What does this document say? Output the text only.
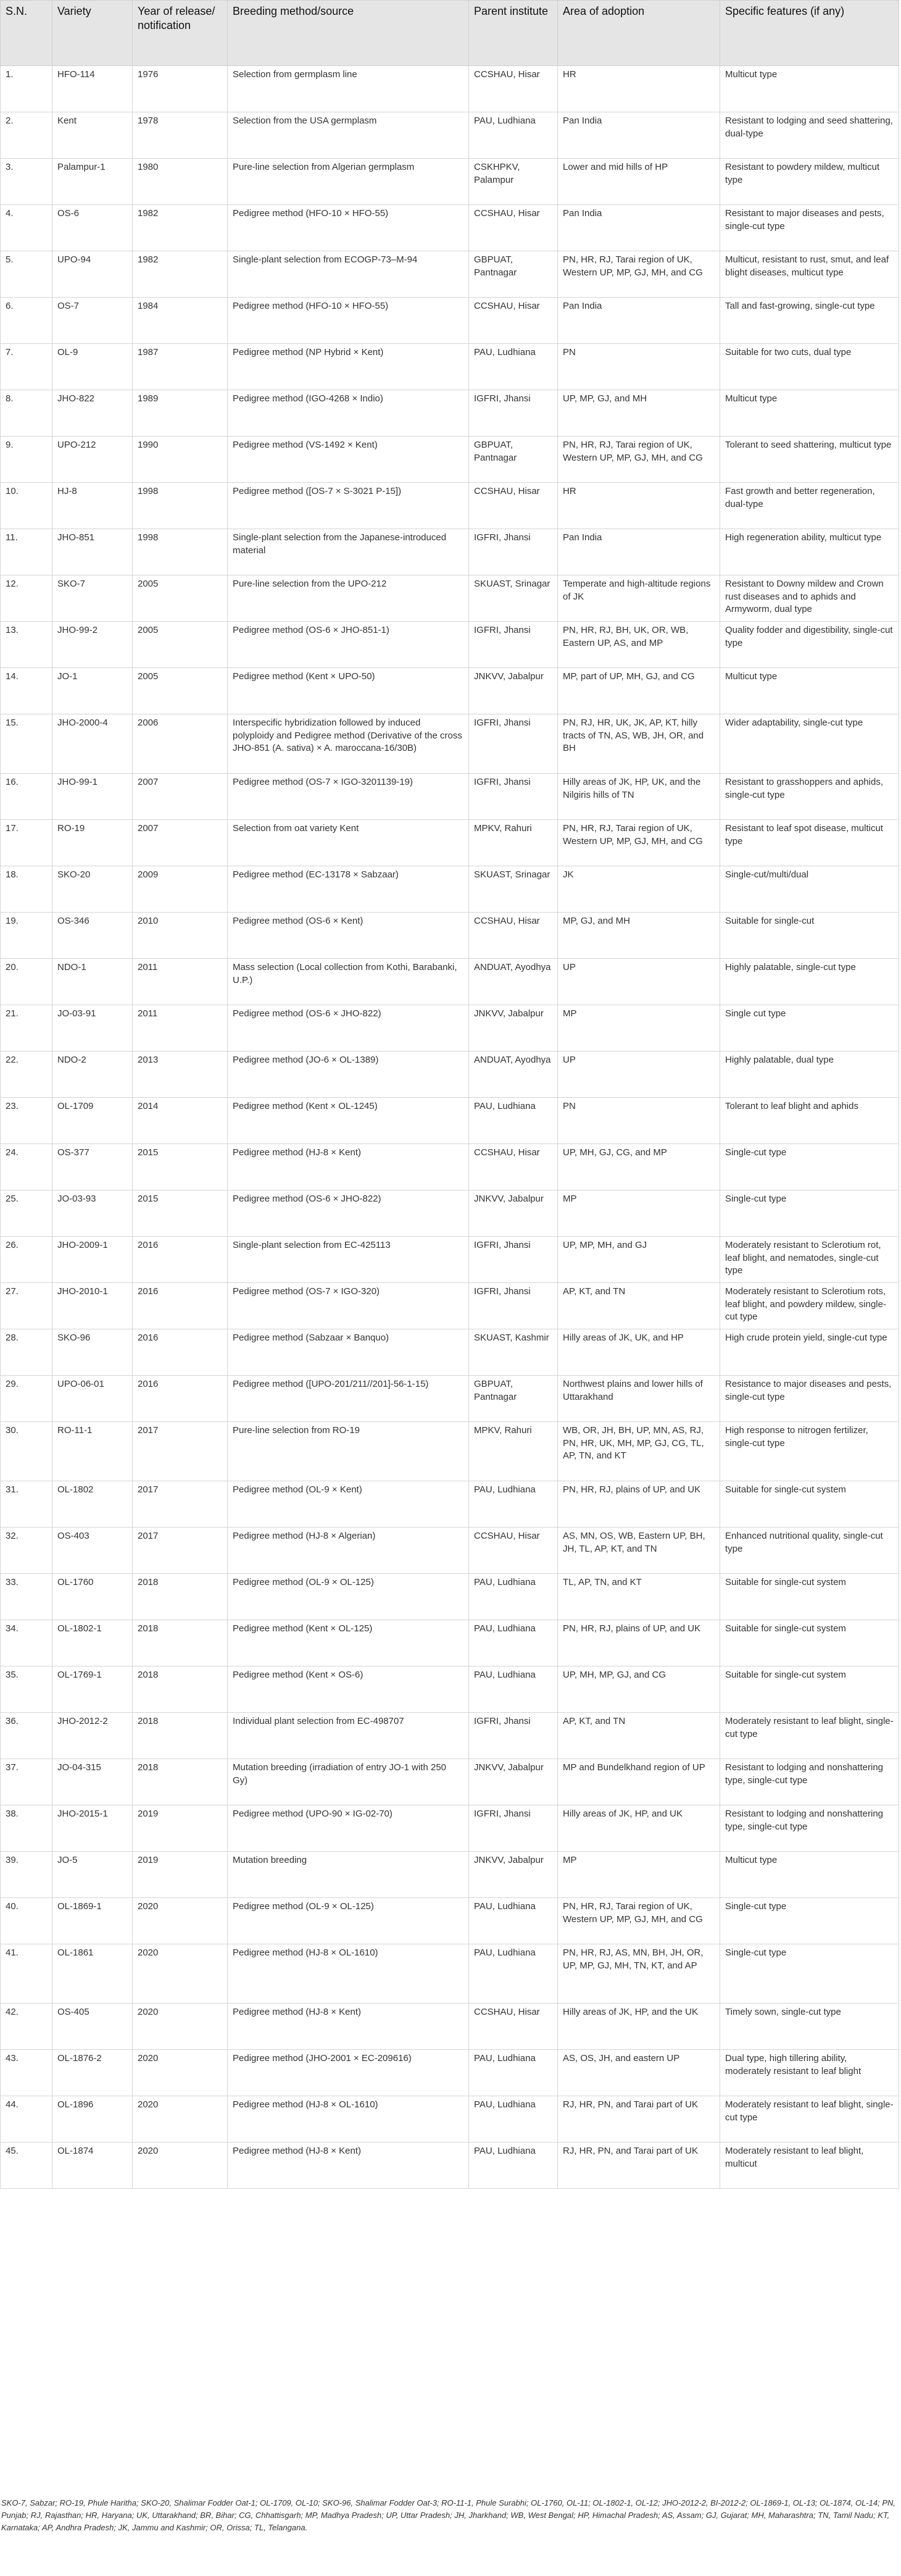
S.N.	Variety	Year of release/ notification	Breeding method/source	Parent institute	Area of adoption	Specific features (if any)
1.	HFO-114	1976	Selection from germplasm line	CCSHAU, Hisar	HR	Multicut type
2.	Kent	1978	Selection from the USA germplasm	PAU, Ludhiana	Pan India	Resistant to lodging and seed shattering, dual-type
3.	Palampur-1	1980	Pure-line selection from Algerian germplasm	CSKHPKV, Palampur	Lower and mid hills of HP	Resistant to powdery mildew, multicut type
4.	OS-6	1982	Pedigree method (HFO-10 × HFO-55)	CCSHAU, Hisar	Pan India	Resistant to major diseases and pests, single-cut type
5.	UPO-94	1982	Single-plant selection from ECOGP-73–M-94	GBPUAT, Pantnagar	PN, HR, RJ, Tarai region of UK, Western UP, MP, GJ, MH, and CG	Multicut, resistant to rust, smut, and leaf blight diseases, multicut type
6.	OS-7	1984	Pedigree method (HFO-10 × HFO-55)	CCSHAU, Hisar	Pan India	Tall and fast-growing, single-cut type
7.	OL-9	1987	Pedigree method (NP Hybrid × Kent)	PAU, Ludhiana	PN	Suitable for two cuts, dual type
8.	JHO-822	1989	Pedigree method (IGO-4268 × Indio)	IGFRI, Jhansi	UP, MP, GJ, and MH	Multicut type
9.	UPO-212	1990	Pedigree method (VS-1492 × Kent)	GBPUAT, Pantnagar	PN, HR, RJ, Tarai region of UK, Western UP, MP, GJ, MH, and CG	Tolerant to seed shattering, multicut type
10.	HJ-8	1998	Pedigree method ([OS-7 × S-3021 P-15])	CCSHAU, Hisar	HR	Fast growth and better regeneration, dual-type
11.	JHO-851	1998	Single-plant selection from the Japanese-introduced material	IGFRI, Jhansi	Pan India	High regeneration ability, multicut type
12.	SKO-7	2005	Pure-line selection from the UPO-212	SKUAST, Srinagar	Temperate and high-altitude regions of JK	Resistant to Downy mildew and Crown rust diseases and to aphids and Armyworm, dual type
13.	JHO-99-2	2005	Pedigree method (OS-6 × JHO-851-1)	IGFRI, Jhansi	PN, HR, RJ, BH, UK, OR, WB, Eastern UP, AS, and MP	Quality fodder and digestibility, single-cut type
14.	JO-1	2005	Pedigree method (Kent × UPO-50)	JNKVV, Jabalpur	MP, part of UP, MH, GJ, and CG	Multicut type
15.	JHO-2000-4	2006	Interspecific hybridization followed by induced polyploidy and Pedigree method (Derivative of the cross JHO-851 (A. sativa) × A. maroccana-16/30B)	IGFRI, Jhansi	PN, RJ, HR, UK, JK, AP, KT, hilly tracts of TN, AS, WB, JH, OR, and BH	Wider adaptability, single-cut type
16.	JHO-99-1	2007	Pedigree method (OS-7 × IGO-3201139-19)	IGFRI, Jhansi	Hilly areas of JK, HP, UK, and the Nilgiris hills of TN	Resistant to grasshoppers and aphids, single-cut type
17.	RO-19	2007	Selection from oat variety Kent	MPKV, Rahuri	PN, HR, RJ, Tarai region of UK, Western UP, MP, GJ, MH, and CG	Resistant to leaf spot disease, multicut type
18.	SKO-20	2009	Pedigree method (EC-13178 × Sabzaar)	SKUAST, Srinagar	JK	Single-cut/multi/dual
19.	OS-346	2010	Pedigree method (OS-6 × Kent)	CCSHAU, Hisar	MP, GJ, and MH	Suitable for single-cut
20.	NDO-1	2011	Mass selection (Local collection from Kothi, Barabanki, U.P.)	ANDUAT, Ayodhya	UP	Highly palatable, single-cut type
21.	JO-03-91	2011	Pedigree method (OS-6 × JHO-822)	JNKVV, Jabalpur	MP	Single cut type
22.	NDO-2	2013	Pedigree method (JO-6 × OL-1389)	ANDUAT, Ayodhya	UP	Highly palatable, dual type
23.	OL-1709	2014	Pedigree method (Kent × OL-1245)	PAU, Ludhiana	PN	Tolerant to leaf blight and aphids
24.	OS-377	2015	Pedigree method (HJ-8 × Kent)	CCSHAU, Hisar	UP, MH, GJ, CG, and MP	Single-cut type
25.	JO-03-93	2015	Pedigree method (OS-6 × JHO-822)	JNKVV, Jabalpur	MP	Single-cut type
26.	JHO-2009-1	2016	Single-plant selection from EC-425113	IGFRI, Jhansi	UP, MP, MH, and GJ	Moderately resistant to Sclerotium rot, leaf blight, and nematodes, single-cut type
27.	JHO-2010-1	2016	Pedigree method (OS-7 × IGO-320)	IGFRI, Jhansi	AP, KT, and TN	Moderately resistant to Sclerotium rots, leaf blight, and powdery mildew, single-cut type
28.	SKO-96	2016	Pedigree method (Sabzaar × Banquo)	SKUAST, Kashmir	Hilly areas of JK, UK, and HP	High crude protein yield, single-cut type
29.	UPO-06-01	2016	Pedigree method ([UPO-201/211//201]-56-1-15)	GBPUAT, Pantnagar	Northwest plains and lower hills of Uttarakhand	Resistance to major diseases and pests, single-cut type
30.	RO-11-1	2017	Pure-line selection from RO-19	MPKV, Rahuri	WB, OR, JH, BH, UP, MN, AS, RJ, PN, HR, UK, MH, MP, GJ, CG, TL, AP, TN, and KT	High response to nitrogen fertilizer, single-cut type
31.	OL-1802	2017	Pedigree method (OL-9 × Kent)	PAU, Ludhiana	PN, HR, RJ, plains of UP, and UK	Suitable for single-cut system
32.	OS-403	2017	Pedigree method (HJ-8 × Algerian)	CCSHAU, Hisar	AS, MN, OS, WB, Eastern UP, BH, JH, TL, AP, KT, and TN	Enhanced nutritional quality, single-cut type
33.	OL-1760	2018	Pedigree method (OL-9 × OL-125)	PAU, Ludhiana	TL, AP, TN, and KT	Suitable for single-cut system
34.	OL-1802-1	2018	Pedigree method (Kent × OL-125)	PAU, Ludhiana	PN, HR, RJ, plains of UP, and UK	Suitable for single-cut system
35.	OL-1769-1	2018	Pedigree method (Kent × OS-6)	PAU, Ludhiana	UP, MH, MP, GJ, and CG	Suitable for single-cut system
36.	JHO-2012-2	2018	Individual plant selection from EC-498707	IGFRI, Jhansi	AP, KT, and TN	Moderately resistant to leaf blight, single-cut type
37.	JO-04-315	2018	Mutation breeding (irradiation of entry JO-1 with 250 Gy)	JNKVV, Jabalpur	MP and Bundelkhand region of UP	Resistant to lodging and nonshattering type, single-cut type
38.	JHO-2015-1	2019	Pedigree method (UPO-90 × IG-02-70)	IGFRI, Jhansi	Hilly areas of JK, HP, and UK	Resistant to lodging and nonshattering type, single-cut type
39.	JO-5	2019	Mutation breeding	JNKVV, Jabalpur	MP	Multicut type
40.	OL-1869-1	2020	Pedigree method (OL-9 × OL-125)	PAU, Ludhiana	PN, HR, RJ, Tarai region of UK, Western UP, MP, GJ, MH, and CG	Single-cut type
41.	OL-1861	2020	Pedigree method (HJ-8 × OL-1610)	PAU, Ludhiana	PN, HR, RJ, AS, MN, BH, JH, OR, UP, MP, GJ, MH, TN, KT, and AP	Single-cut type
42.	OS-405	2020	Pedigree method (HJ-8 × Kent)	CCSHAU, Hisar	Hilly areas of JK, HP, and the UK	Timely sown, single-cut type
43.	OL-1876-2	2020	Pedigree method (JHO-2001 × EC-209616)	PAU, Ludhiana	AS, OS, JH, and eastern UP	Dual type, high tillering ability, moderately resistant to leaf blight
44.	OL-1896	2020	Pedigree method (HJ-8 × OL-1610)	PAU, Ludhiana	RJ, HR, PN, and Tarai part of UK	Moderately resistant to leaf blight, single-cut type
45.	OL-1874	2020	Pedigree method (HJ-8 × Kent)	PAU, Ludhiana	RJ, HR, PN, and Tarai part of UK	Moderately resistant to leaf blight, multicut
SKO-7, Sabzar; RO-19, Phule Haritha; SKO-20, Shalimar Fodder Oat-1; OL-1709, OL-10; SKO-96, Shalimar Fodder Oat-3; RO-11-1, Phule Surabhi; OL-1760, OL-11; OL-1802-1, OL-12; JHO-2012-2, BI-2012-2; OL-1869-1, OL-13; OL-1874, OL-14; PN, Punjab; RJ, Rajasthan; HR, Haryana; UK, Uttarakhand; BR, Bihar; CG, Chhattisgarh; MP, Madhya Pradesh; UP, Uttar Pradesh; JH, Jharkhand; WB, West Bengal; HP, Himachal Pradesh; AS, Assam; GJ, Gujarat; MH, Maharashtra; TN, Tamil Nadu; KT, Karnataka; AP, Andhra Pradesh; JK, Jammu and Kashmir; OR, Orissa; TL, Telangana.
